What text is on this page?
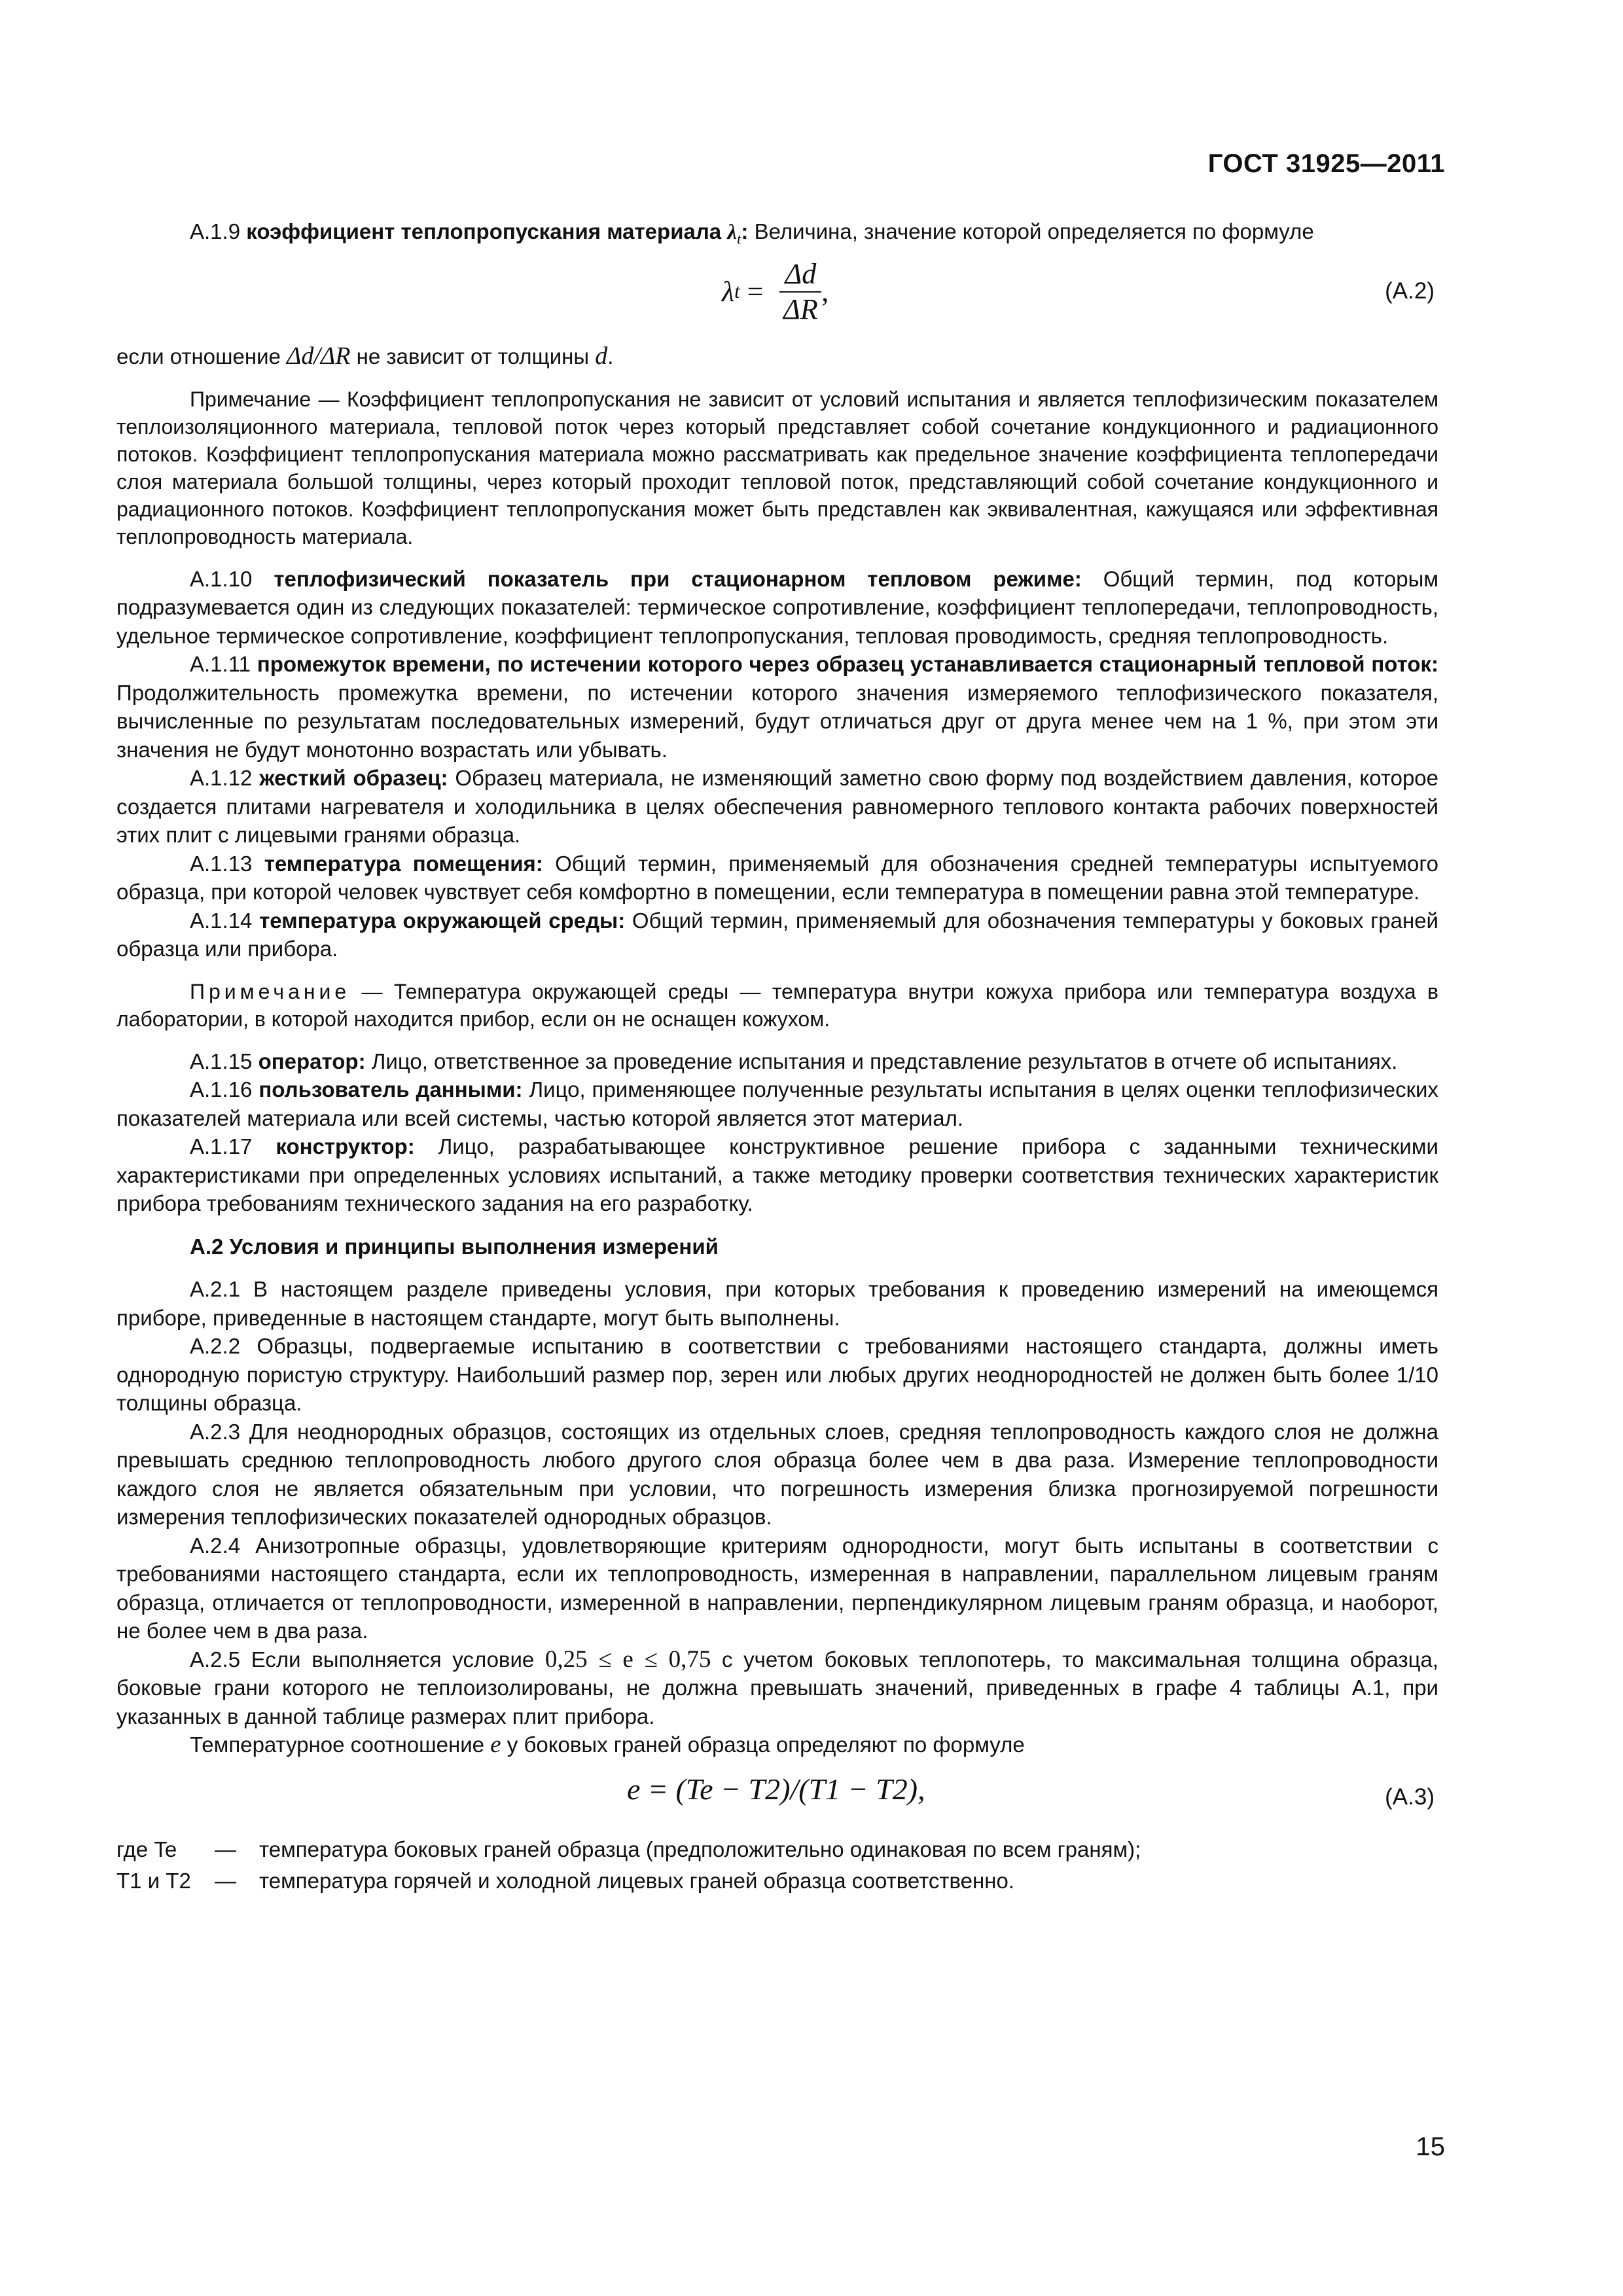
ГОСТ 31925—2011

А.1.9 коэффициент теплопропускания материала $\lambda_t$: Величина, значение которой определяется по формуле

λ $t = \frac{\Delta d}{\Delta R}$ ,	(А.2)

если отношение Δd/ΔR не зависит от толщины d.

Примечание — Коэффициент теплопропускания не зависит от условий испытания и является теплофизическим показателем теплоизоляционного материала, тепловой поток через который представляет собой сочетание кондукционного и радиационного потоков. Коэффициент теплопропускания материала можно рассматривать как предельное значение коэффициента теплопередачи слоя материала большой толщины, через который проходит тепловой поток, представляющий собой сочетание кондукционного и радиационного потоков. Коэффициент теплопропускания может быть представлен как эквивалентная, кажущаяся или эффективная теплопроводность материала.

А.1.10 теплофизический показатель при стационарном тепловом режиме: Общий термин, под которым подразумевается один из следующих показателей: термическое сопротивление, коэффициент теплопередачи, теплопроводность, удельное термическое сопротивление, коэффициент теплопропускания, тепловая проводимость, средняя теплопроводность.

А.1.11 промежуток времени, по истечении которого через образец устанавливается стационарный тепловой поток: Продолжительность промежутка времени, по истечении которого значения измеряемого теплофизического показателя, вычисленные по результатам последовательных измерений, будут отличаться друг от друга менее чем на 1 %, при этом эти значения не будут монотонно возрастать или убывать.

А.1.12 жесткий образец: Образец материала, не изменяющий заметно свою форму под воздействием давления, которое создается плитами нагревателя и холодильника в целях обеспечения равномерного теплового контакта рабочих поверхностей этих плит с лицевыми гранями образца.

А.1.13 температура помещения: Общий термин, применяемый для обозначения средней температуры испытуемого образца, при которой человек чувствует себя комфортно в помещении, если температура в помещении равна этой температуре.

А.1.14 температура окружающей среды: Общий термин, применяемый для обозначения температуры у боковых граней образца или прибора.

Примечание — Температура окружающей среды — температура внутри кожуха прибора или температура воздуха в лаборатории, в которой находится прибор, если он не оснащен кожухом.

А.1.15 оператор: Лицо, ответственное за проведение испытания и представление результатов в отчете об испытаниях.

А.1.16 пользователь данными: Лицо, применяющее полученные результаты испытания в целях оценки теплофизических показателей материала или всей системы, частью которой является этот материал.

А.1.17 конструктор: Лицо, разрабатывающее конструктивное решение прибора с заданными техническими характеристиками при определенных условиях испытаний, а также методику проверки соответствия технических характеристик прибора требованиям технического задания на его разработку.

А.2 Условия и принципы выполнения измерений

А.2.1 В настоящем разделе приведены условия, при которых требования к проведению измерений на имеющемся приборе, приведенные в настоящем стандарте, могут быть выполнены.

А.2.2 Образцы, подвергаемые испытанию в соответствии с требованиями настоящего стандарта, должны иметь однородную пористую структуру. Наибольший размер пор, зерен или любых других неоднородностей не должен быть более 1/10 толщины образца.

А.2.3 Для неоднородных образцов, состоящих из отдельных слоев, средняя теплопроводность каждого слоя не должна превышать среднюю теплопроводность любого другого слоя образца более чем в два раза. Измерение теплопроводности каждого слоя не является обязательным при условии, что погрешность измерения близка прогнозируемой погрешности измерения теплофизических показателей однородных образцов.

А.2.4 Анизотропные образцы, удовлетворяющие критериям однородности, могут быть испытаны в соответствии с требованиями настоящего стандарта, если их теплопроводность, измеренная в направлении, параллельном лицевым граням образца, отличается от теплопроводности, измеренной в направлении, перпендикулярном лицевым граням образца, и наоборот, не более чем в два раза.

А.2.5 Если выполняется условие 0,25 ≤ e ≤ 0,75 с учетом боковых теплопотерь, то максимальная толщина образца, боковые грани которого не теплоизолированы, не должна превышать значений, приведенных в графе 4 таблицы А.1, при указанных в данной таблице размерах плит прибора.

Температурное соотношение e у боковых граней образца определяют по формуле

e = (Te − T2)/(T1 − T2),	(А.3)
где Te	—	температура боковых граней образца (предположительно одинаковая по всем граням);
T1 и T2	—	температура горячей и холодной лицевых граней образца соответственно.
15
